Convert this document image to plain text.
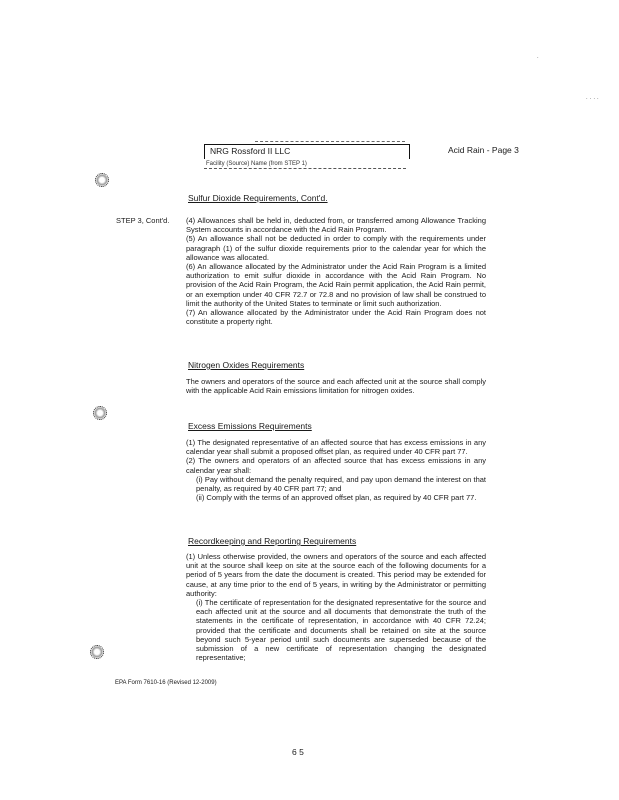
NRG Rossford II LLC
Facility (Source) Name (from STEP 1)
Acid Rain - Page 3
····
·
Sulfur Dioxide Requirements, Cont'd.
STEP 3, Cont'd. (4) Allowances shall be held in, deducted from, or transferred among Allowance Tracking System accounts in accordance with the Acid Rain Program.

(5) An allowance shall not be deducted in order to comply with the requirements under paragraph (1) of the sulfur dioxide requirements prior to the calendar year for which the allowance was allocated.

(6) An allowance allocated by the Administrator under the Acid Rain Program is a limited authorization to emit sulfur dioxide in accordance with the Acid Rain Program. No provision of the Acid Rain Program, the Acid Rain permit application, the Acid Rain permit, or an exemption under 40 CFR 72.7 or 72.8 and no provision of law shall be construed to limit the authority of the United States to terminate or limit such authorization.

(7) An allowance allocated by the Administrator under the Acid Rain Program does not constitute a property right.

Nitrogen Oxides Requirements
The owners and operators of the source and each affected unit at the source shall comply with the applicable Acid Rain emissions limitation for nitrogen oxides.
Excess Emissions Requirements

(1) The designated representative of an affected source that has excess emissions in any calendar year shall submit a proposed offset plan, as required under 40 CFR part 77.

(2) The owners and operators of an affected source that has excess emissions in any calendar year shall:

(i) Pay without demand the penalty required, and pay upon demand the interest on that penalty, as required by 40 CFR part 77; and

(ii) Comply with the terms of an approved offset plan, as required by 40 CFR part 77.

Recordkeeping and Reporting Requirements

(1) Unless otherwise provided, the owners and operators of the source and each affected unit at the source shall keep on site at the source each of the following documents for a period of 5 years from the date the document is created. This period may be extended for cause, at any time prior to the end of 5 years, in writing by the Administrator or permitting authority:

(i) The certificate of representation for the designated representative for the source and each affected unit at the source and all documents that demonstrate the truth of the statements in the certificate of representation, in accordance with 40 CFR 72.24; provided that the certificate and documents shall be retained on site at the source beyond such 5-year period until such documents are superseded because of the submission of a new certificate of representation changing the designated representative;

EPA Form 7610-16 (Revised 12-2009)
6 5
